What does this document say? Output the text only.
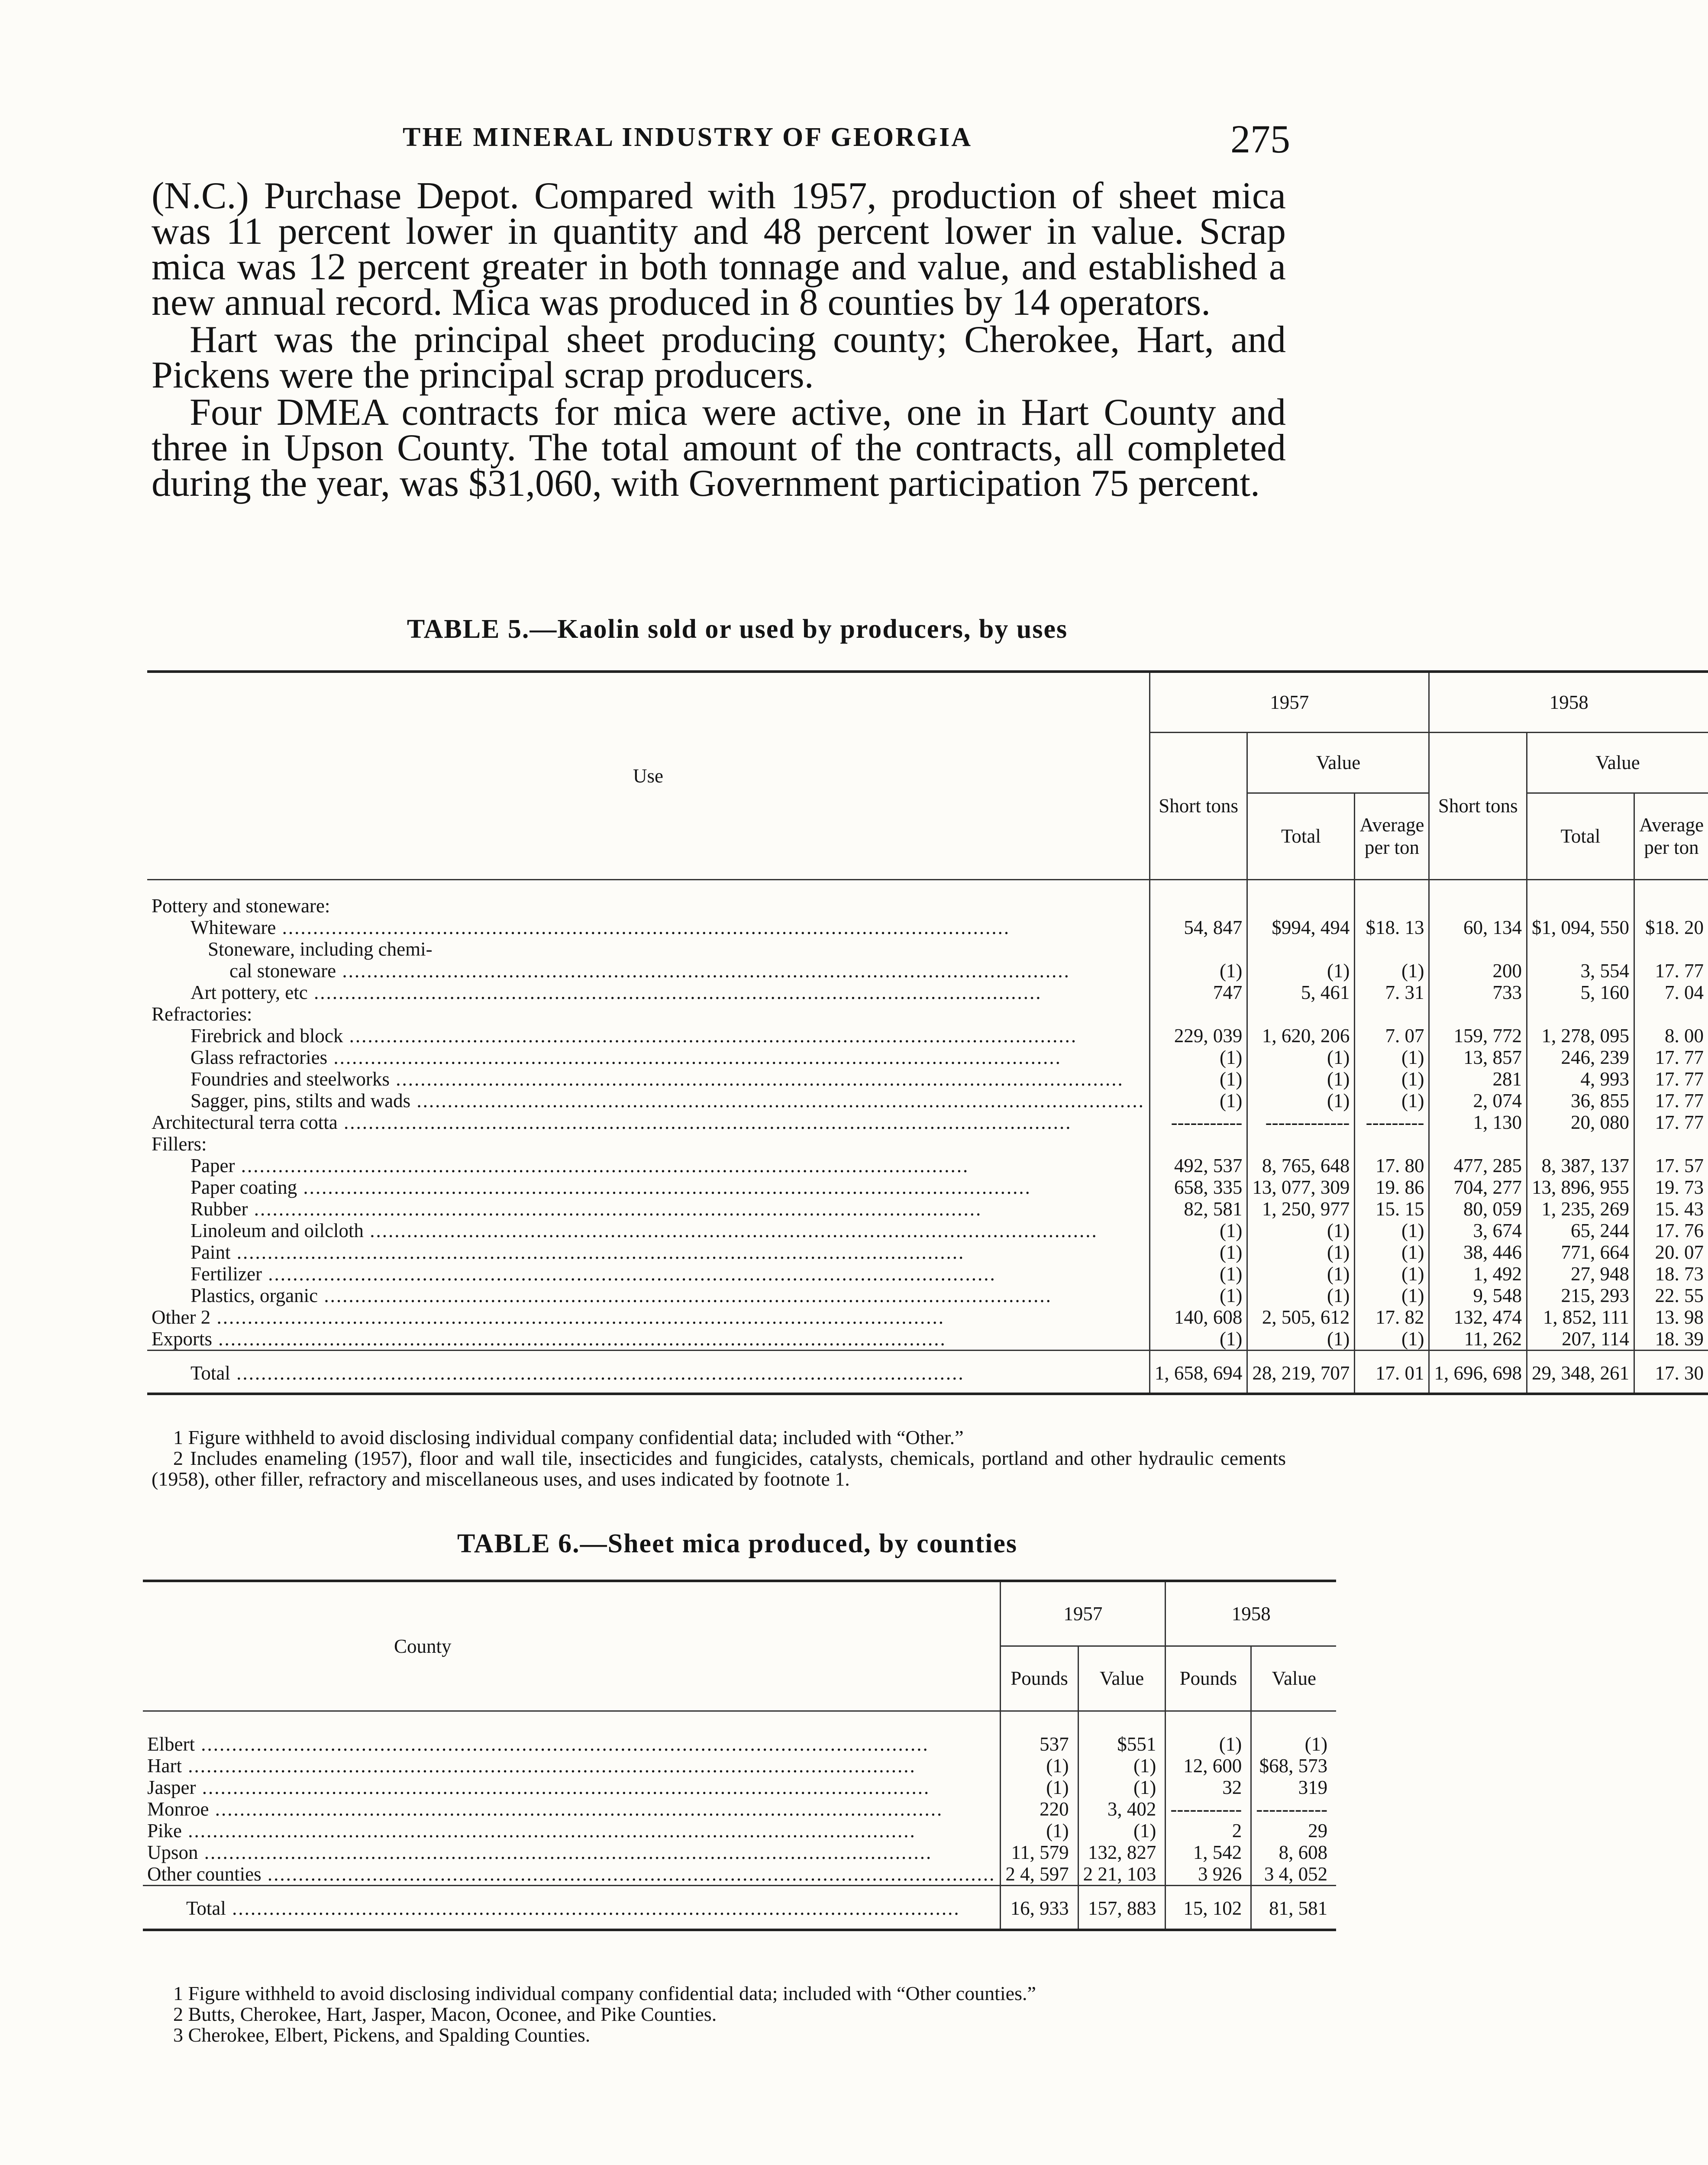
THE MINERAL INDUSTRY OF GEORGIA	275

(N.C.) Purchase Depot. Compared with 1957, production of sheet mica was 11 percent lower in quantity and 48 percent lower in value. Scrap mica was 12 percent greater in both tonnage and value, and established a new annual record. Mica was produced in 8 counties by 14 operators.

Hart was the principal sheet producing county; Cherokee, Hart, and Pickens were the principal scrap producers.

Four DMEA contracts for mica were active, one in Hart County and three in Upson County. The total amount of the contracts, all completed during the year, was $31,060, with Government participation 75 percent.

TABLE 5.—Kaolin sold or used by producers, by uses
Use	1957			1958		
	Short tons	Value		Short tons	Value	
		Total	Average per ton		Total	Average per ton

Pottery and stoneware:						

Whiteware .....	54, 847	$994, 494	$18. 13	60, 134	$1, 094, 550	$18. 20

Stoneware, including chemi-						

cal stoneware .....	(1)	(1)	(1)	200	3, 554	17. 77

Art pottery, etc .....	747	5, 461	7. 31	733	5, 160	7. 04

Refractories:						

Firebrick and block .....	229, 039	1, 620, 206	7. 07	159, 772	1, 278, 095	8. 00

Glass refractories .....	(1)	(1)	(1)	13, 857	246, 239	17. 77

Foundries and steelworks .....	(1)	(1)	(1)	281	4, 993	17. 77

Sagger, pins, stilts and wads .....	(1)	(1)	(1)	2, 074	36, 855	17. 77

Architectural terra cotta .....	-----------	-------------	---------	1, 130	20, 080	17. 77

Fillers:						

Paper .....	492, 537	8, 765, 648	17. 80	477, 285	8, 387, 137	17. 57

Paper coating .....	658, 335	13, 077, 309	19. 86	704, 277	13, 896, 955	19. 73

Rubber .....	82, 581	1, 250, 977	15. 15	80, 059	1, 235, 269	15. 43

Linoleum and oilcloth .....	(1)	(1)	(1)	3, 674	65, 244	17. 76

Paint .....	(1)	(1)	(1)	38, 446	771, 664	20. 07

Fertilizer .....	(1)	(1)	(1)	1, 492	27, 948	18. 73

Plastics, organic .....	(1)	(1)	(1)	9, 548	215, 293	22. 55

Other 2 .....	140, 608	2, 505, 612	17. 82	132, 474	1, 852, 111	13. 98

Exports .....	(1)	(1)	(1)	11, 262	207, 114	18. 39

Total .....	1, 658, 694	28, 219, 707	17. 01	1, 696, 698	29, 348, 261	17. 30

1 Figure withheld to avoid disclosing individual company confidential data; included with “Other.”

2 Includes enameling (1957), floor and wall tile, insecticides and fungicides, catalysts, chemicals, portland and other hydraulic cements (1958), other filler, refractory and miscellaneous uses, and uses indicated by footnote 1.

TABLE 6.—Sheet mica produced, by counties
County	1957		1958	
	Pounds	Value	Pounds	Value

Elbert .....	537	$551	(1)	(1)

Hart .....	(1)	(1)	12, 600	$68, 573

Jasper .....	(1)	(1)	32	319

Monroe .....	220	3, 402	-----------	-----------

Pike .....	(1)	(1)	2	29

Upson .....	11, 579	132, 827	1, 542	8, 608

Other counties .....	2 4, 597	2 21, 103	3 926	3 4, 052

Total .....	16, 933	157, 883	15, 102	81, 581

1 Figure withheld to avoid disclosing individual company confidential data; included with “Other counties.”

2 Butts, Cherokee, Hart, Jasper, Macon, Oconee, and Pike Counties.

3 Cherokee, Elbert, Pickens, and Spalding Counties.
